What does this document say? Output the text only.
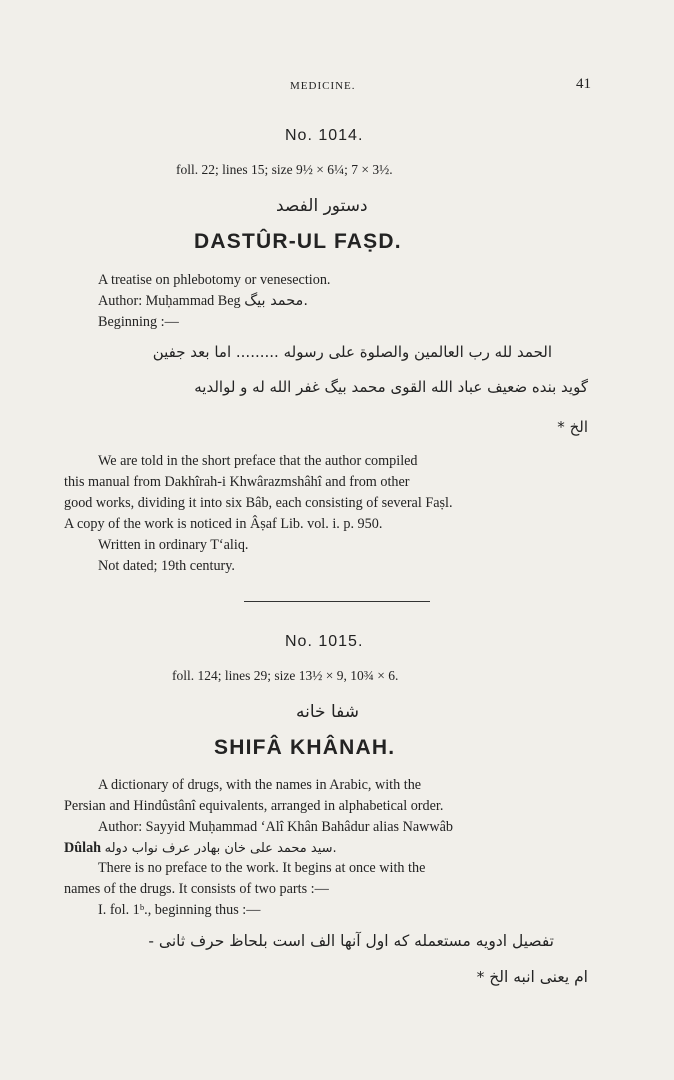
MEDICINE.	41
No. 1014.
foll. 22; lines 15; size 9½ × 6¼; 7 × 3½.
دستور الفصد
DASTÛR-UL FAṢD.
A treatise on phlebotomy or venesection.
Author: Muḥammad Beg محمد بیگ.
Beginning :—
الحمد لله رب العالمین والصلوة علی رسوله ......... اما بعد جفین
گوید بنده ضعیف عباد الله القوی محمد بیگ غفر الله له و لوالدیه
الخ *
We are told in the short preface that the author compiled
this manual from Dakhîrah-i Khwârazmshâhî and from other
good works, dividing it into six Bâb, each consisting of several Faṣl.
A copy of the work is noticed in Âṣaf Lib. vol. i. p. 950.
Written in ordinary T‘aliq.
Not dated; 19th century.
No. 1015.
foll. 124; lines 29; size 13½ × 9, 10¾ × 6.
شفا خانه
SHIFÂ KHÂNAH.
A dictionary of drugs, with the names in Arabic, with the
Persian and Hindûstânî equivalents, arranged in alphabetical order.
Author: Sayyid Muḥammad ‘Alî Khân Bahâdur alias Nawwâb
Dûlah سید محمد علی خان بهادر عرف نواب دوله.
There is no preface to the work. It begins at once with the
names of the drugs. It consists of two parts :—
I. fol. 1ᵇ., beginning thus :—
تفصیل ادویه مستعمله که اول آنها الف است بلحاظ حرف ثانی -
ام یعنی انبه الخ *
